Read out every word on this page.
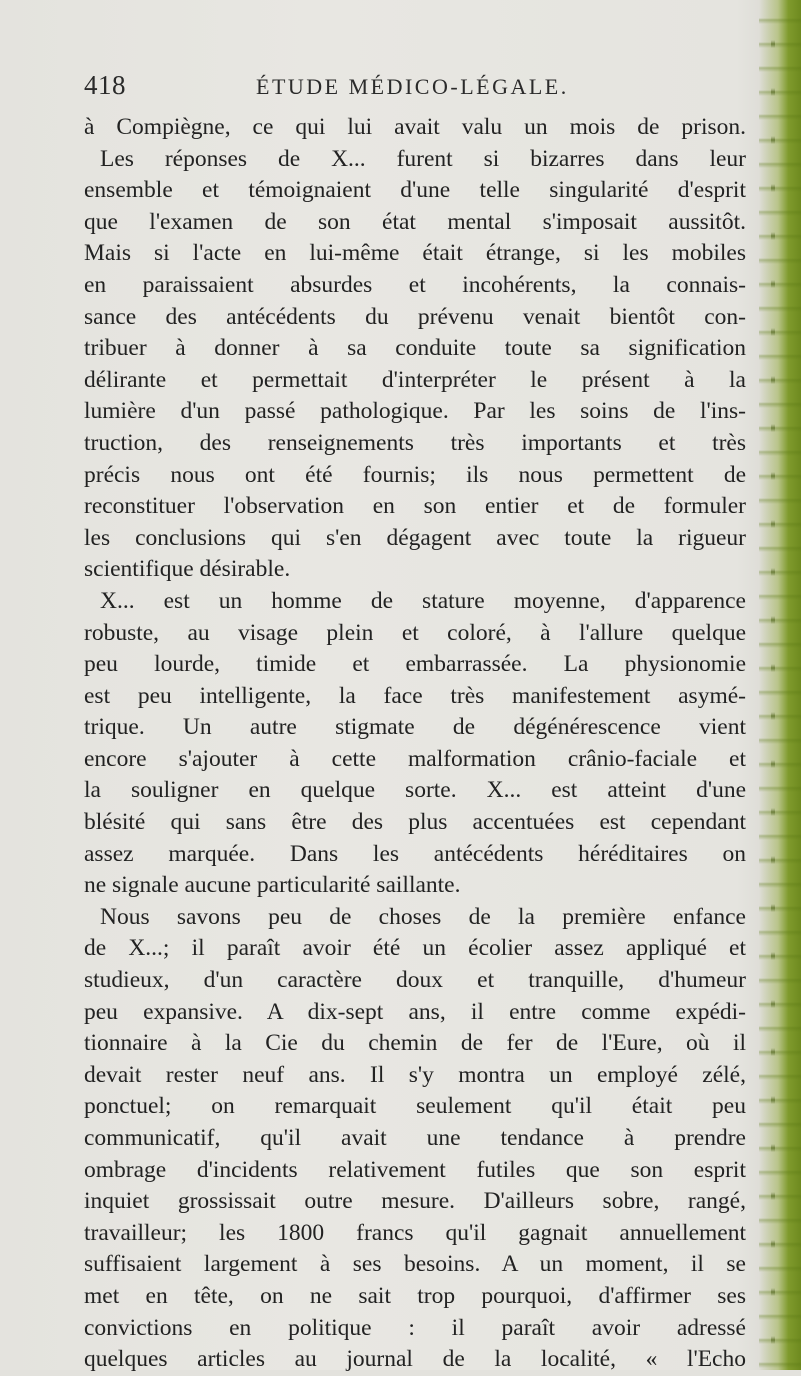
418	ÉTUDE MÉDICO-LÉGALE.
à Compiègne, ce qui lui avait valu un mois de prison.
Les réponses de X... furent si bizarres dans leur
ensemble et témoignaient d'une telle singularité d'esprit
que l'examen de son état mental s'imposait aussitôt.
Mais si l'acte en lui-même était étrange, si les mobiles
en paraissaient absurdes et incohérents, la connais-
sance des antécédents du prévenu venait bientôt con-
tribuer à donner à sa conduite toute sa signification
délirante et permettait d'interpréter le présent à la
lumière d'un passé pathologique. Par les soins de l'ins-
truction, des renseignements très importants et très
précis nous ont été fournis; ils nous permettent de
reconstituer l'observation en son entier et de formuler
les conclusions qui s'en dégagent avec toute la rigueur
scientifique désirable.
X... est un homme de stature moyenne, d'apparence
robuste, au visage plein et coloré, à l'allure quelque
peu lourde, timide et embarrassée. La physionomie
est peu intelligente, la face très manifestement asymé-
trique. Un autre stigmate de dégénérescence vient
encore s'ajouter à cette malformation crânio-faciale et
la souligner en quelque sorte. X... est atteint d'une
blésité qui sans être des plus accentuées est cependant
assez marquée. Dans les antécédents héréditaires on
ne signale aucune particularité saillante.
Nous savons peu de choses de la première enfance
de X...; il paraît avoir été un écolier assez appliqué et
studieux, d'un caractère doux et tranquille, d'humeur
peu expansive. A dix-sept ans, il entre comme expédi-
tionnaire à la Cie du chemin de fer de l'Eure, où il
devait rester neuf ans. Il s'y montra un employé zélé,
ponctuel; on remarquait seulement qu'il était peu
communicatif, qu'il avait une tendance à prendre
ombrage d'incidents relativement futiles que son esprit
inquiet grossissait outre mesure. D'ailleurs sobre, rangé,
travailleur; les 1800 francs qu'il gagnait annuellement
suffisaient largement à ses besoins. A un moment, il se
met en tête, on ne sait trop pourquoi, d'affirmer ses
convictions en politique : il paraît avoir adressé
quelques articles au journal de la localité, « l'Echo
